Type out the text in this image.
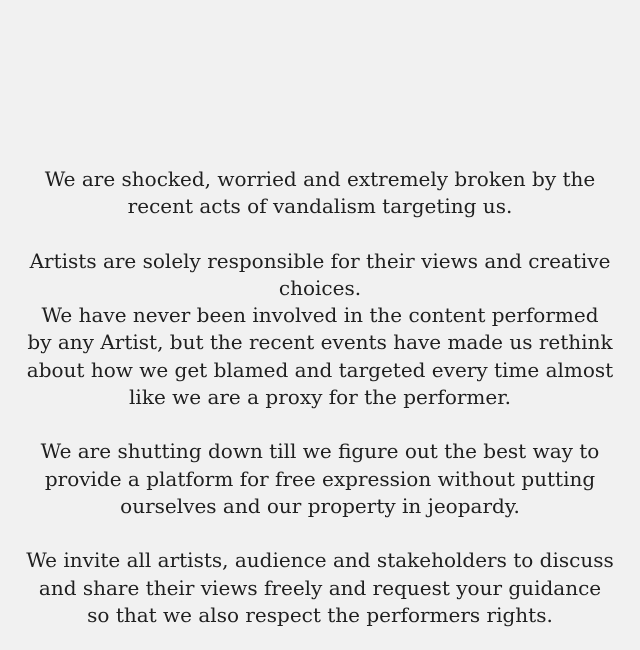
We are shocked, worried and extremely broken by the
recent acts of vandalism targeting us.
Artists are solely responsible for their views and creative
choices.
We have never been involved in the content performed
by any Artist, but the recent events have made us rethink
about how we get blamed and targeted every time almost
like we are a proxy for the performer.
We are shutting down till we figure out the best way to
provide a platform for free expression without putting
ourselves and our property in jeopardy.
We invite all artists, audience and stakeholders to discuss
and share their views freely and request your guidance
so that we also respect the performers rights.
